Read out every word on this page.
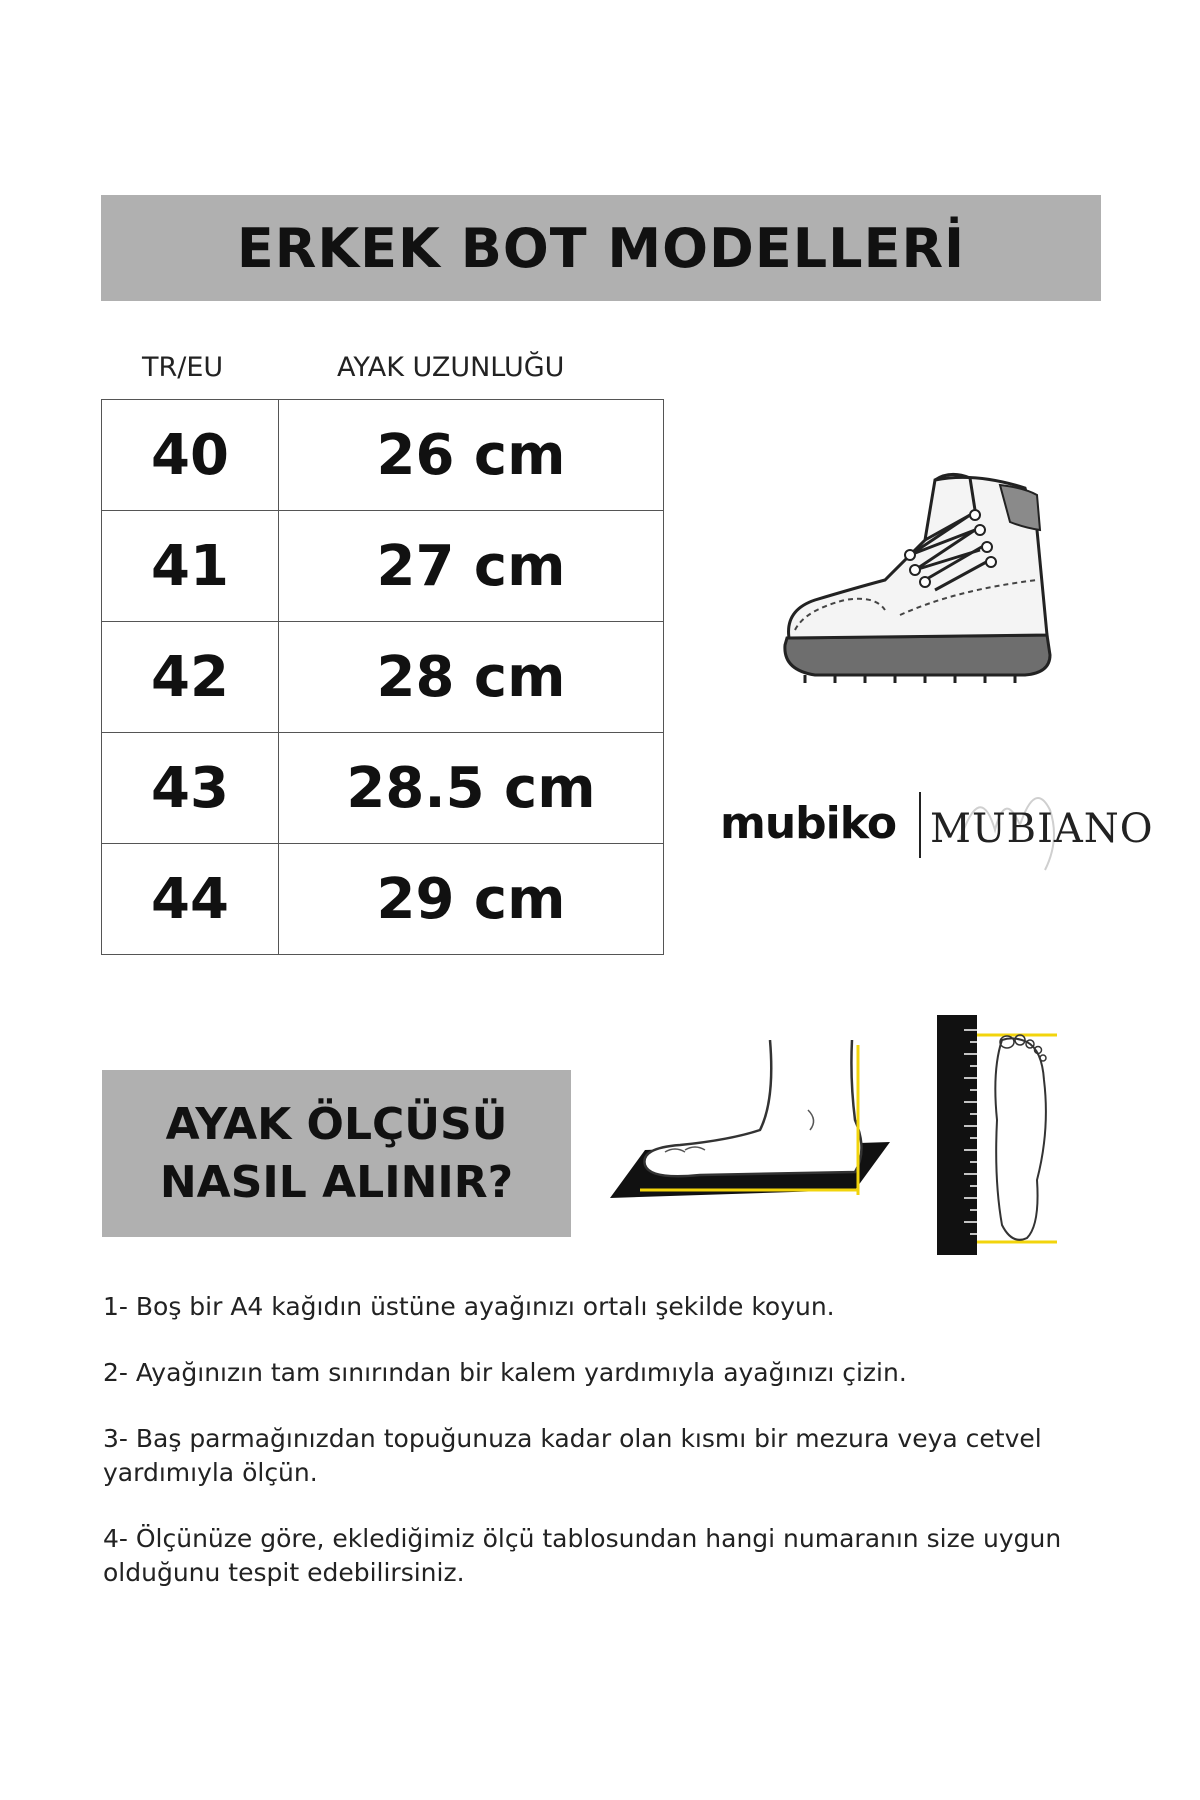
ERKEK BOT MODELLERİ
TR/EU	AYAK UZUNLUĞU
40	26 cm
41	27 cm
42	28 cm
43	28.5 cm
44	29 cm
mubiko MUBIANO
AYAK ÖLÇÜSÜ
NASIL ALINIR?

1- Boş bir A4 kağıdın üstüne ayağınızı ortalı şekilde koyun.

2- Ayağınızın tam sınırından bir kalem yardımıyla ayağınızı çizin.

3- Baş parmağınızdan topuğunuza kadar olan kısmı bir mezura veya cetvel yardımıyla ölçün.

4- Ölçünüze göre, eklediğimiz ölçü tablosundan hangi numaranın size uygun olduğunu tespit edebilirsiniz.
